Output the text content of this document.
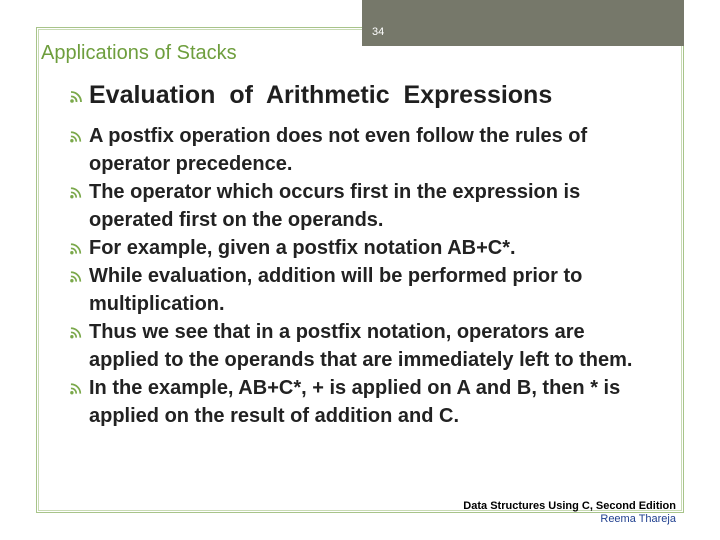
34
Applications of Stacks
Evaluation of Arithmetic Expressions
A postfix operation does not even follow the rules of operator precedence.
The operator which occurs first in the expression is operated first on the operands.
For example, given a postfix notation AB+C*.
While evaluation, addition will be performed prior to multiplication.
Thus we see that in a postfix notation, operators are applied to the operands that are immediately left to them.
In the example, AB+C*, + is applied on A and B, then * is applied on the result of addition and C.
Data Structures Using C, Second Edition
Reema Thareja
